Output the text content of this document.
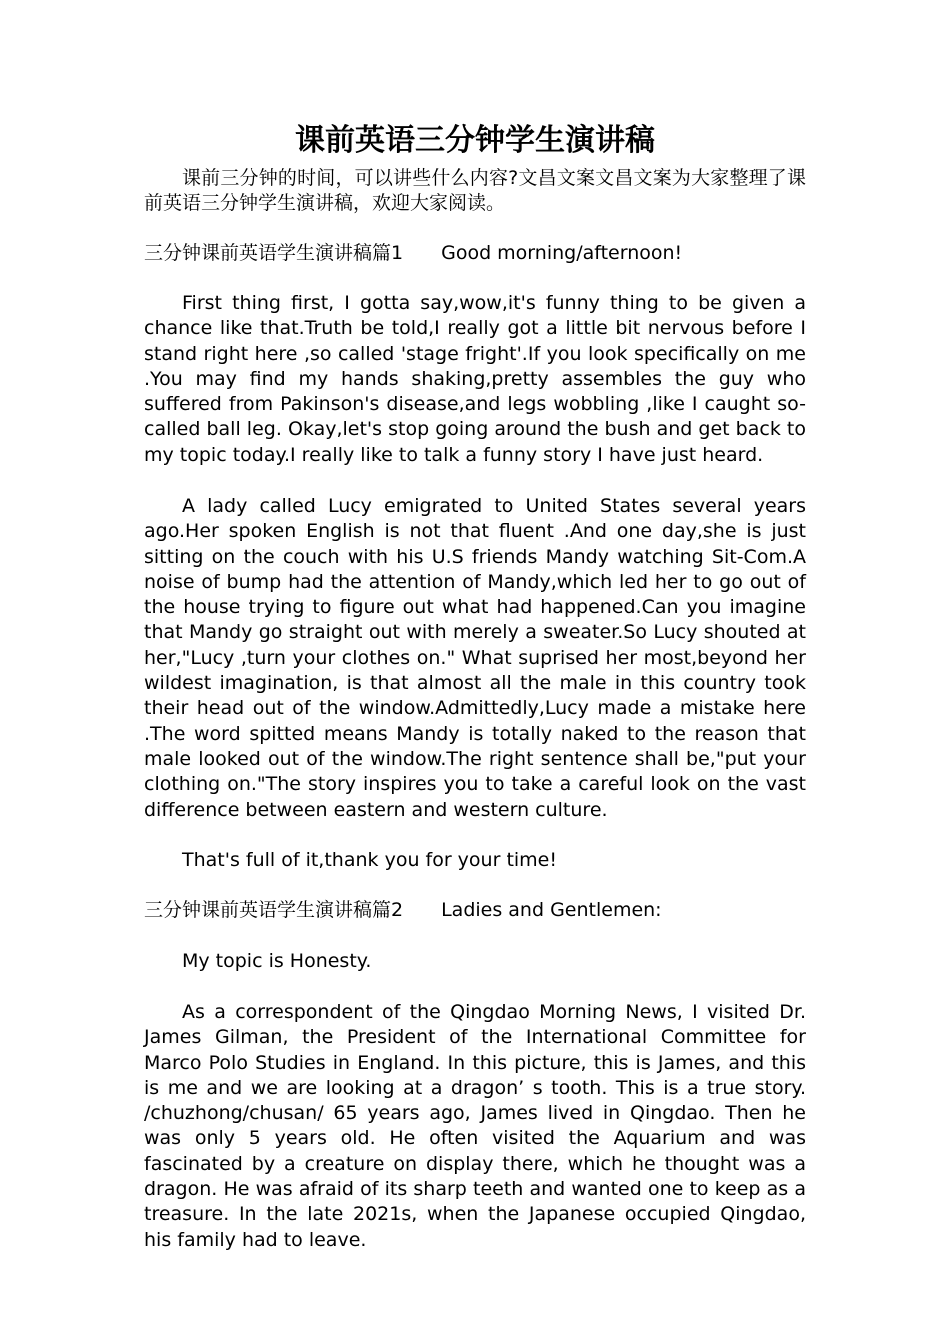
课前英语三分钟学生演讲稿

课前三分钟的时间，可以讲些什么内容?文昌文案文昌文案为大家整理了课前英语三分钟学生演讲稿，欢迎大家阅读。

三分钟课前英语学生演讲稿篇1 Good morning/afternoon!

First thing first, I gotta say,wow,it's funny thing to be given a chance like that.Truth be told,I really got a little bit nervous before I stand right here ,so called 'stage fright'.If you look specifically on me .You may find my hands shaking,pretty assembles the guy who suffered from Pakinson's disease,and legs wobbling ,like I caught so-called ball leg. Okay,let's stop going around the bush and get back to my topic today.I really like to talk a funny story I have just heard.

A lady called Lucy emigrated to United States several years ago.Her spoken English is not that fluent .And one day,she is just sitting on the couch with his U.S friends Mandy watching Sit-Com.A noise of bump had the attention of Mandy,which led her to go out of the house trying to figure out what had happened.Can you imagine that Mandy go straight out with merely a sweater.So Lucy shouted at her,"Lucy ,turn your clothes on." What suprised her most,beyond her wildest imagination, is that almost all the male in this country took their head out of the window.Admittedly,Lucy made a mistake here .The word spitted means Mandy is totally naked to the reason that male looked out of the window.The right sentence shall be,"put your clothing on."The story inspires you to take a careful look on the vast difference between eastern and western culture.

That's full of it,thank you for your time!

三分钟课前英语学生演讲稿篇2 Ladies and Gentlemen:

My topic is Honesty.

As a correspondent of the Qingdao Morning News, I visited Dr. James Gilman, the President of the International Committee for Marco Polo Studies in England. In this picture, this is James, and this is me and we are looking at a dragon’ s tooth. This is a true story. /chuzhong/chusan/ 65 years ago, James lived in Qingdao. Then he was only 5 years old. He often visited the Aquarium and was fascinated by a creature on display there, which he thought was a dragon. He was afraid of its sharp teeth and wanted one to keep as a treasure. In the late 2021s, when the Japanese occupied Qingdao, his family had to leave.
